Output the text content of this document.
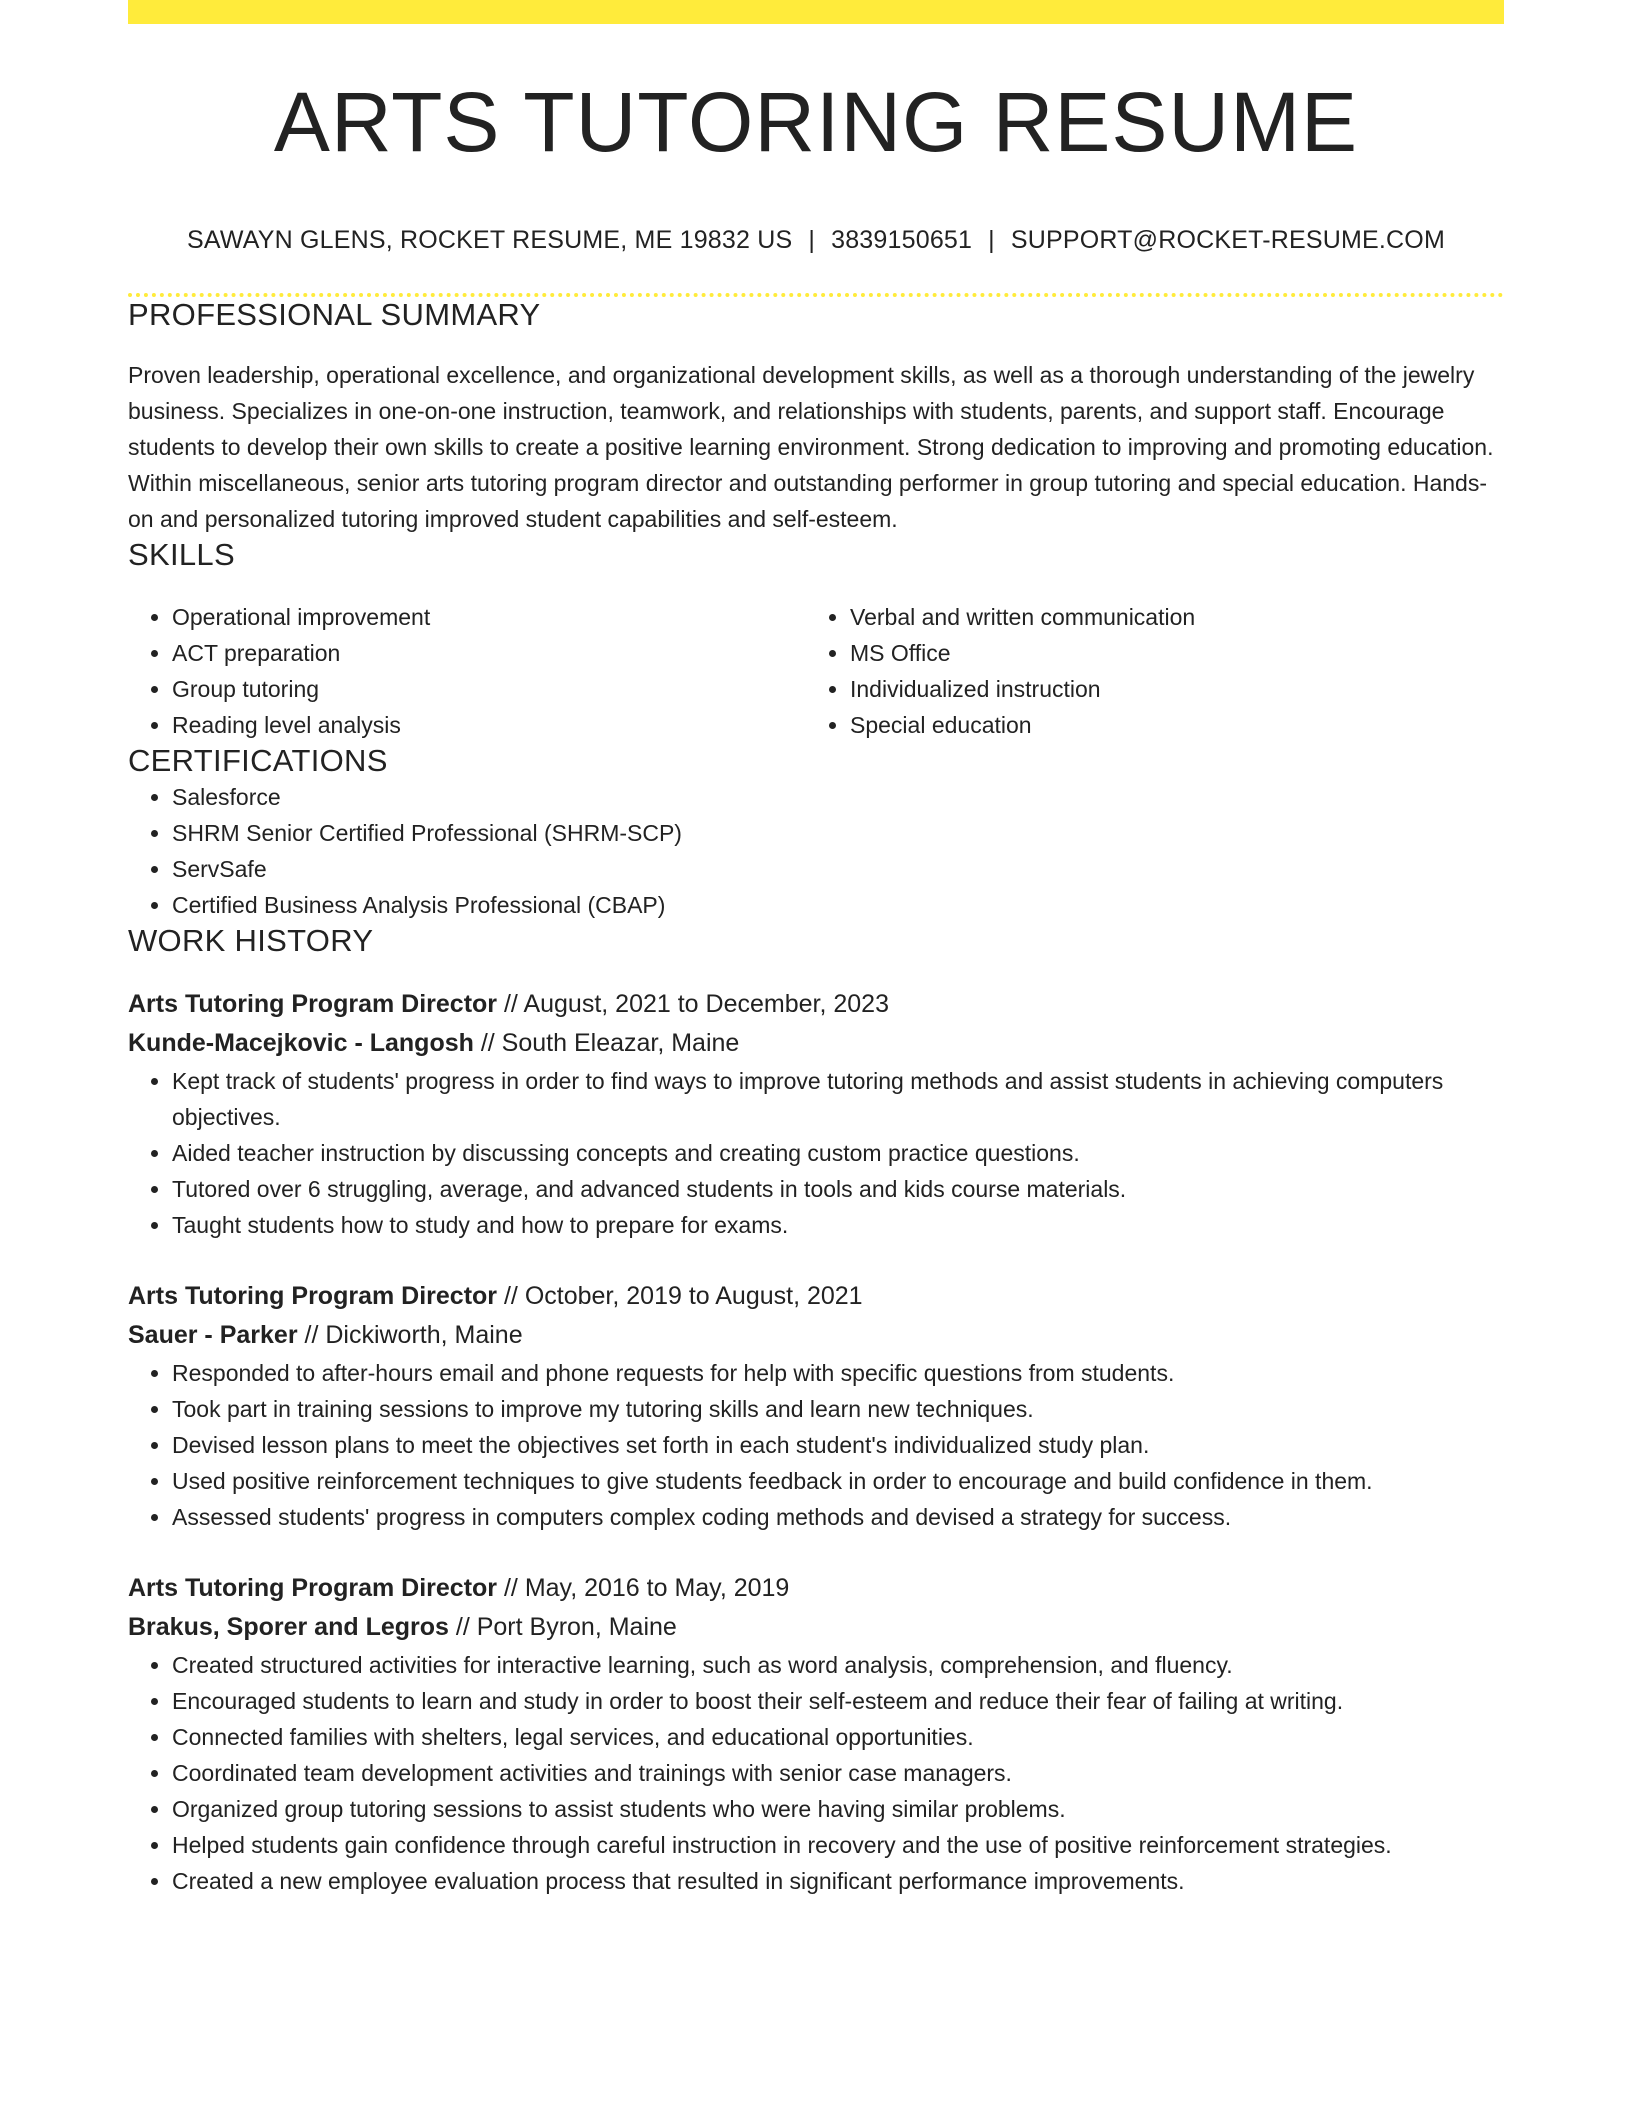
ARTS TUTORING RESUME
SAWAYN GLENS, ROCKET RESUME, ME 19832 US | 3839150651 | SUPPORT@ROCKET-RESUME.COM
PROFESSIONAL SUMMARY

Proven leadership, operational excellence, and organizational development skills, as well as a thorough understanding of the jewelry business. Specializes in one-on-one instruction, teamwork, and relationships with students, parents, and support staff. Encourage students to develop their own skills to create a positive learning environment. Strong dedication to improving and promoting education. Within miscellaneous, senior arts tutoring program director and outstanding performer in group tutoring and special education. Hands-on and personalized tutoring improved student capabilities and self-esteem.

SKILLS
• Operational improvement
• ACT preparation
• Group tutoring
• Reading level analysis
• Verbal and written communication
• MS Office
• Individualized instruction
• Special education
CERTIFICATIONS
• Salesforce
• SHRM Senior Certified Professional (SHRM-SCP)
• ServSafe
• Certified Business Analysis Professional (CBAP)
WORK HISTORY
Arts Tutoring Program Director // August, 2021 to December, 2023
Kunde-Macejkovic - Langosh // South Eleazar, Maine
• Kept track of students' progress in order to find ways to improve tutoring methods and assist students in achieving computers objectives.
• Aided teacher instruction by discussing concepts and creating custom practice questions.
• Tutored over 6 struggling, average, and advanced students in tools and kids course materials.
• Taught students how to study and how to prepare for exams.
Arts Tutoring Program Director // October, 2019 to August, 2021
Sauer - Parker // Dickiworth, Maine
• Responded to after-hours email and phone requests for help with specific questions from students.
• Took part in training sessions to improve my tutoring skills and learn new techniques.
• Devised lesson plans to meet the objectives set forth in each student's individualized study plan.
• Used positive reinforcement techniques to give students feedback in order to encourage and build confidence in them.
• Assessed students' progress in computers complex coding methods and devised a strategy for success.
Arts Tutoring Program Director // May, 2016 to May, 2019
Brakus, Sporer and Legros // Port Byron, Maine
• Created structured activities for interactive learning, such as word analysis, comprehension, and fluency.
• Encouraged students to learn and study in order to boost their self-esteem and reduce their fear of failing at writing.
• Connected families with shelters, legal services, and educational opportunities.
• Coordinated team development activities and trainings with senior case managers.
• Organized group tutoring sessions to assist students who were having similar problems.
• Helped students gain confidence through careful instruction in recovery and the use of positive reinforcement strategies.
• Created a new employee evaluation process that resulted in significant performance improvements.
